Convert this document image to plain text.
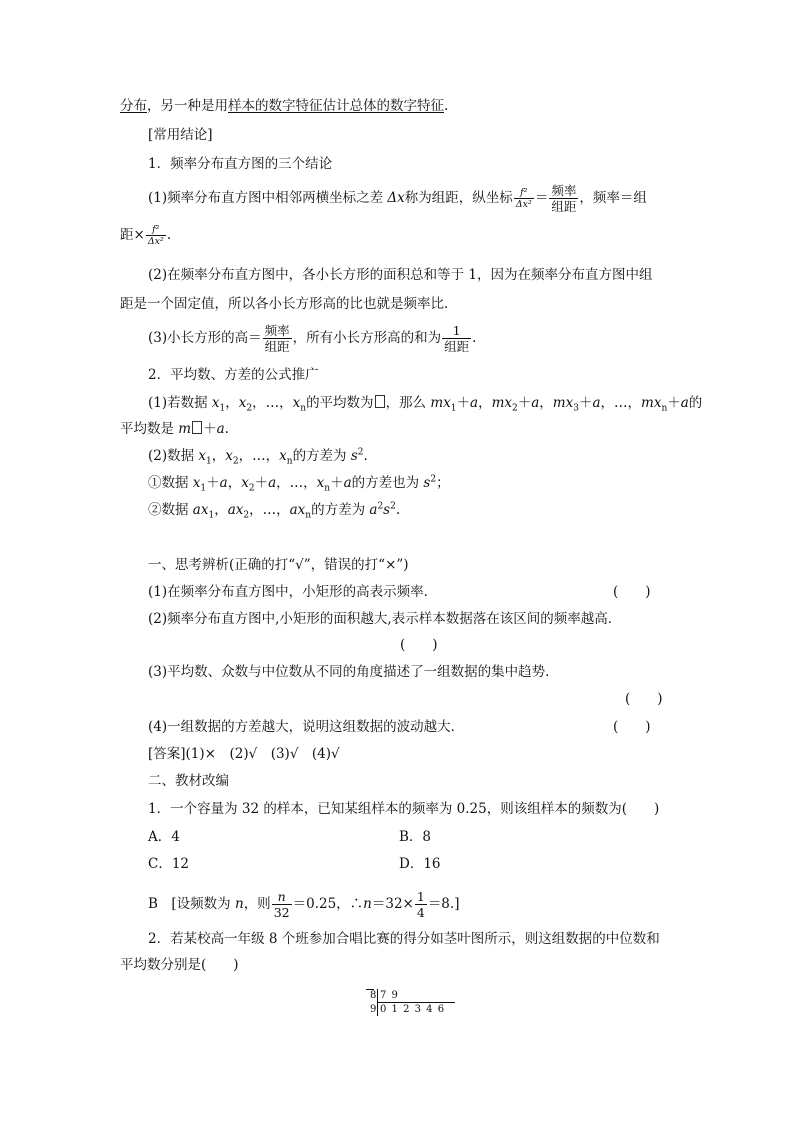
分布，另一种是用样本的数字特征估计总体的数字特征.
[常用结论]
1．频率分布直方图的三个结论
(1)频率分布直方图中相邻两横坐标之差 Δx称为组距，纵坐标 $\frac{\text{f²}}{\text{Δx²}} = \frac{\text{频率}}{\text{组距}}$ ，频率＝组
距× $\frac{\text{f²}}{\text{Δx²}}$ .
(2)在频率分布直方图中，各小长方形的面积总和等于 1，因为在频率分布直方图中组
距是一个固定值，所以各小长方形高的比也就是频率比．
(3)小长方形的高＝ $\frac{\text{频率}}{\text{组距}}$ ，所有小长方形高的和为 $\frac{1}{\text{组距}}$ .
2．平均数、方差的公式推广
(1)若数据 $x_1$，$x_2$，…，$x_n$的平均数为 ，那么 $mx_1+a$，$mx_2+a$，$mx_3+a$，…，$mx_n+a$的
平均数是 m ＋a.
(2)数据 $x_1$，$x_2$，…，$x_n$的方差为 $s^2$.
①数据 $x_1+a$，$x_2+a$，…，$x_n+a$的方差也为 $s^2$；
②数据 $ax_1$，$ax_2$，…，$ax_n$的方差为 $a^2s^2$.
一、思考辨析(正确的打“√”，错误的打“×”)
(1)在频率分布直方图中，小矩形的高表示频率．	(　　)
(2)频率分布直方图中,小矩形的面积越大,表示样本数据落在该区间的频率越高．
(　　)
(3)平均数、众数与中位数从不同的角度描述了一组数据的集中趋势．
(　　)
(4)一组数据的方差越大，说明这组数据的波动越大．	(　　)
[答案](1)×　(2)√　(3)√　(4)√
二、教材改编
1．一个容量为 32 的样本，已知某组样本的频率为 0.25，则该组样本的频数为(　　)
A．4	B．8
C．12	D．16
B　[设频数为 n，则 $\frac{n}{32} =0.25$，∴n＝32× $\frac{1}{4} =8$.]
2．若某校高一年级 8 个班参加合唱比赛的得分如茎叶图所示，则这组数据的中位数和
平均数分别是(　　)
8 7 9
9 0 1 2 3 4 6
